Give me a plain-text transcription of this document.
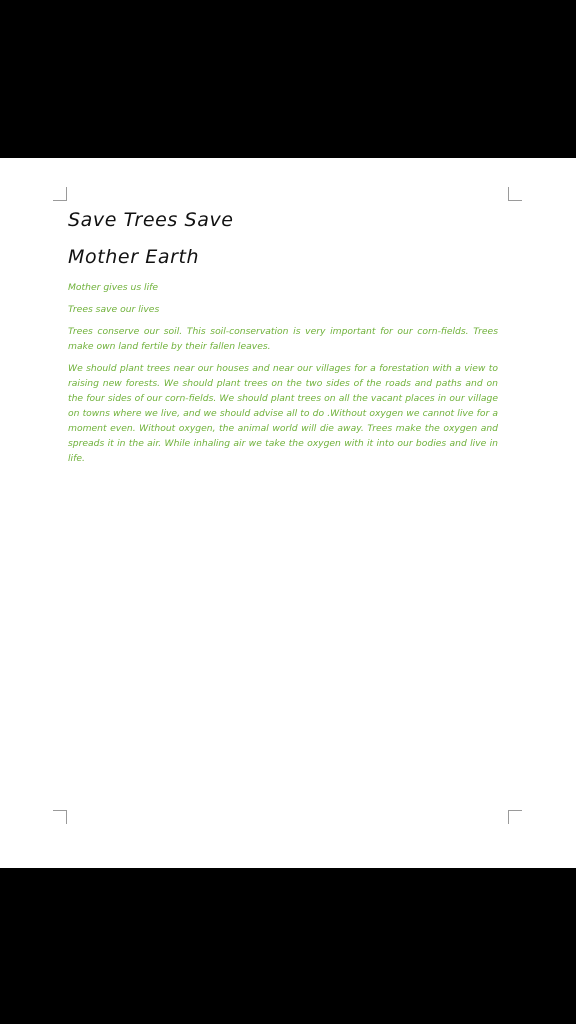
Save Trees Save
Mother Earth

Mother gives us life

Trees save our lives

Trees conserve our soil. This soil-conservation is very important for our corn-fields. Trees make own land fertile by their fallen leaves.

We should plant trees near our houses and near our villages for a forestation with a view to raising new forests. We should plant trees on the two sides of the roads and paths and on the four sides of our corn-fields. We should plant trees on all the vacant places in our village on towns where we live, and we should advise all to do .Without oxygen we cannot live for a moment even. Without oxygen, the animal world will die away. Trees make the oxygen and spreads it in the air. While inhaling air we take the oxygen with it into our bodies and live in life.
